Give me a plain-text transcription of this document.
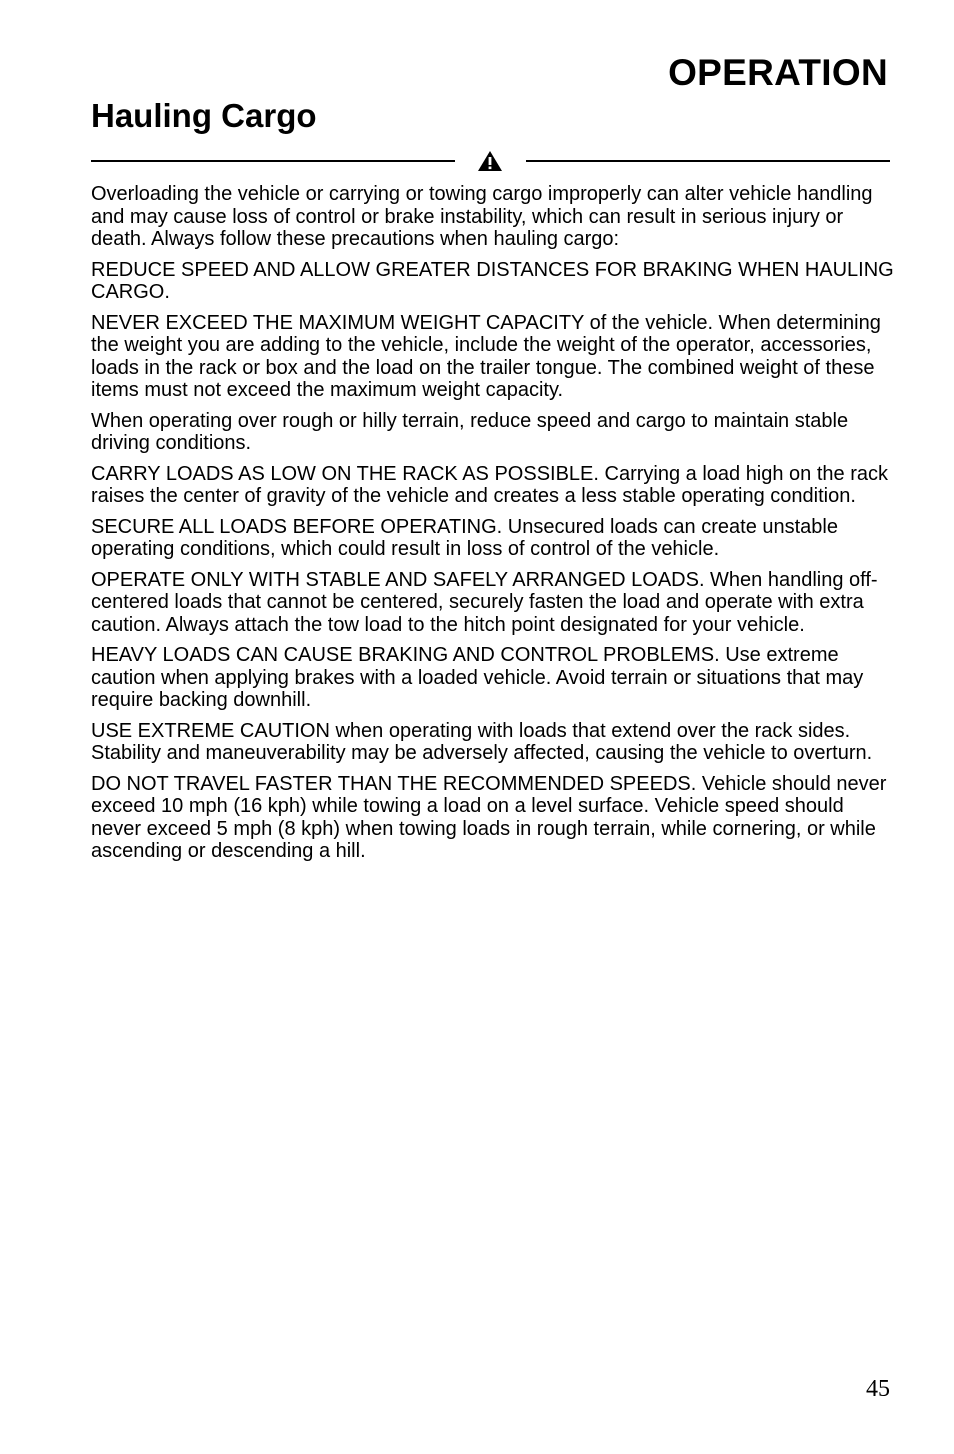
OPERATION
Hauling Cargo

Overloading the vehicle or carrying or towing cargo improperly can alter vehicle handling and may cause loss of control or brake instability, which can result in serious injury or death. Always follow these precautions when hauling cargo:

REDUCE SPEED AND ALLOW GREATER DISTANCES FOR BRAKING WHEN HAULING CARGO.

NEVER EXCEED THE MAXIMUM WEIGHT CAPACITY of the vehicle. When determining the weight you are adding to the vehicle, include the weight of the operator, accessories, loads in the rack or box and the load on the trailer tongue. The combined weight of these items must not exceed the maximum weight capacity.

When operating over rough or hilly terrain, reduce speed and cargo to maintain stable driving conditions.

CARRY LOADS AS LOW ON THE RACK AS POSSIBLE. Carrying a load high on the rack raises the center of gravity of the vehicle and creates a less stable operating condition.

SECURE ALL LOADS BEFORE OPERATING. Unsecured loads can create unstable operating conditions, which could result in loss of control of the vehicle.

OPERATE ONLY WITH STABLE AND SAFELY ARRANGED LOADS. When handling off-centered loads that cannot be centered, securely fasten the load and operate with extra caution. Always attach the tow load to the hitch point designated for your vehicle.

HEAVY LOADS CAN CAUSE BRAKING AND CONTROL PROBLEMS. Use extreme caution when applying brakes with a loaded vehicle. Avoid terrain or situations that may require backing downhill.

USE EXTREME CAUTION when operating with loads that extend over the rack sides. Stability and maneuverability may be adversely affected, causing the vehicle to overturn.

DO NOT TRAVEL FASTER THAN THE RECOMMENDED SPEEDS. Vehicle should never exceed 10 mph (16 kph) while towing a load on a level surface. Vehicle speed should never exceed 5 mph (8 kph) when towing loads in rough terrain, while cornering, or while ascending or descending a hill.

45
